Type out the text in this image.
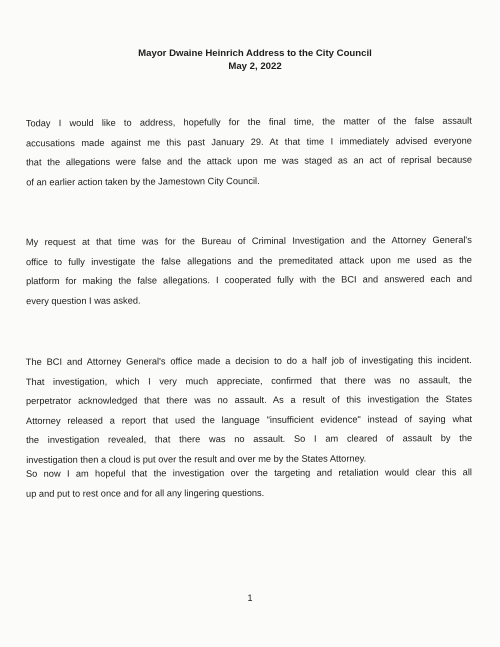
Mayor Dwaine Heinrich Address to the City Council
May 2, 2022
Today I would like to address, hopefully for the final time, the matter of the false assault
accusations made against me this past January 29. At that time I immediately advised everyone
that the allegations were false and the attack upon me was staged as an act of reprisal because
of an earlier action taken by the Jamestown City Council.
My request at that time was for the Bureau of Criminal Investigation and the Attorney General's
office to fully investigate the false allegations and the premeditated attack upon me used as the
platform for making the false allegations. I cooperated fully with the BCI and answered each and
every question I was asked.
The BCI and Attorney General's office made a decision to do a half job of investigating this incident.
That investigation, which I very much appreciate, confirmed that there was no assault, the
perpetrator acknowledged that there was no assault. As a result of this investigation the States
Attorney released a report that used the language "insufficient evidence" instead of saying what
the investigation revealed, that there was no assault. So I am cleared of assault by the
investigation then a cloud is put over the result and over me by the States Attorney.
So now I am hopeful that the investigation over the targeting and retaliation would clear this all
up and put to rest once and for all any lingering questions.
1
